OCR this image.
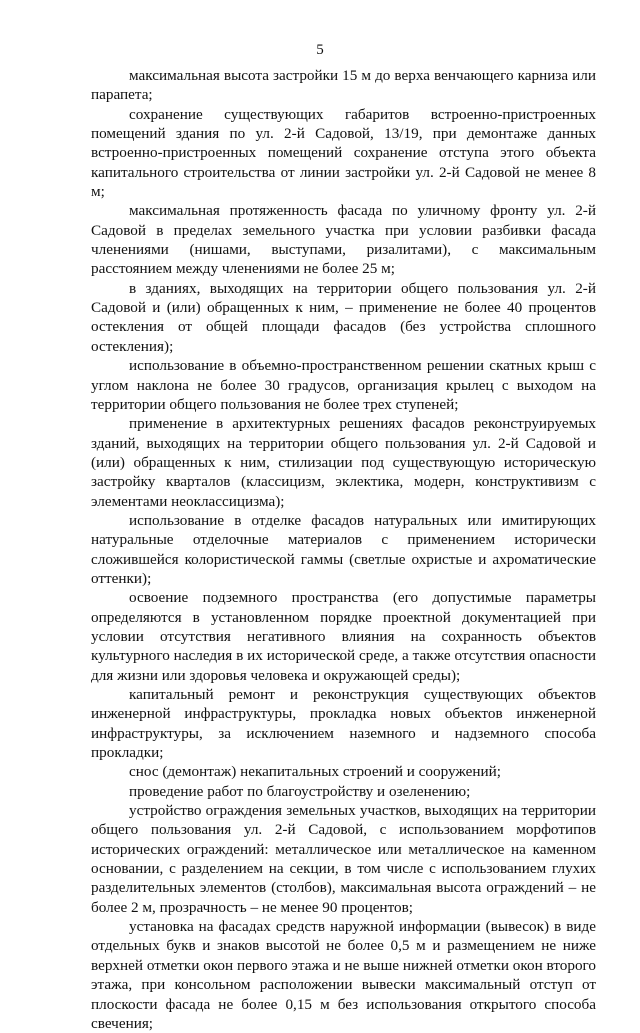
5

максимальная высота застройки 15 м до верха венчающего карниза или парапета;

сохранение существующих габаритов встроенно-пристроенных помещений здания по ул. 2-й Садовой, 13/19, при демонтаже данных встроенно-пристроенных помещений сохранение отступа этого объекта капитального строительства от линии застройки ул. 2-й Садовой не менее 8 м;

максимальная протяженность фасада по уличному фронту ул. 2-й Садовой в пределах земельного участка при условии разбивки фасада членениями (нишами, выступами, ризалитами), с максимальным расстоянием между членениями не более 25 м;

в зданиях, выходящих на территории общего пользования ул. 2-й Садовой и (или) обращенных к ним, – применение не более 40 процентов остекления от общей площади фасадов (без устройства сплошного остекления);

использование в объемно-пространственном решении скатных крыш с углом наклона не более 30 градусов, организация крылец с выходом на территории общего пользования не более трех ступеней;

применение в архитектурных решениях фасадов реконструируемых зданий, выходящих на территории общего пользования ул. 2-й Садовой и (или) обращенных к ним, стилизации под существующую историческую застройку кварталов (классицизм, эклектика, модерн, конструктивизм с элементами неоклассицизма);

использование в отделке фасадов натуральных или имитирующих натуральные отделочные материалов с применением исторически сложившейся колористической гаммы (светлые охристые и ахроматические оттенки);

освоение подземного пространства (его допустимые параметры определяются в установленном порядке проектной документацией при условии отсутствия негативного влияния на сохранность объектов культурного наследия в их исторической среде, а также отсутствия опасности для жизни или здоровья человека и окружающей среды);

капитальный ремонт и реконструкция существующих объектов инженерной инфраструктуры, прокладка новых объектов инженерной инфраструктуры, за исключением наземного и надземного способа прокладки;

снос (демонтаж) некапитальных строений и сооружений;

проведение работ по благоустройству и озеленению;

устройство ограждения земельных участков, выходящих на территории общего пользования ул. 2-й Садовой, с использованием морфотипов исторических ограждений: металлическое или металлическое на каменном основании, с разделением на секции, в том числе с использованием глухих разделительных элементов (столбов), максимальная высота ограждений – не более 2 м, прозрачность – не менее 90 процентов;

установка на фасадах средств наружной информации (вывесок) в виде отдельных букв и знаков высотой не более 0,5 м и размещением не ниже верхней отметки окон первого этажа и не выше нижней отметки окон второго этажа, при консольном расположении вывески максимальный отступ от плоскости фасада не более 0,15 м без использования открытого способа свечения;
